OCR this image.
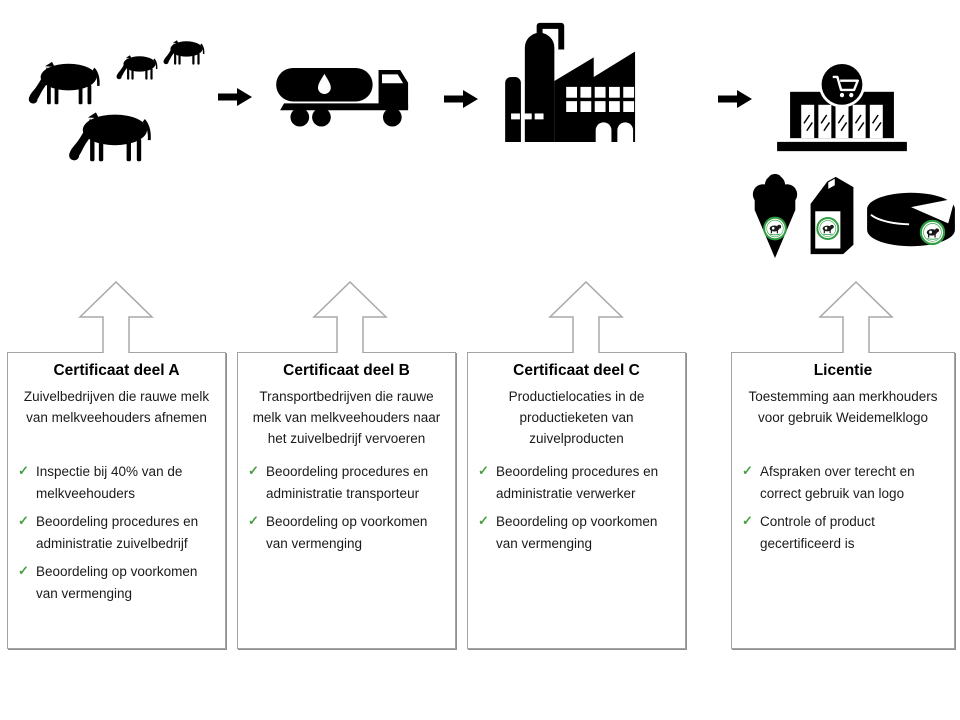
Certificaat deel A
Zuivelbedrijven die rauwe melk van melkveehouders afnemen
✓ Inspectie bij 40% van de melkveehouders
✓ Beoordeling procedures en administratie zuivelbedrijf
✓ Beoordeling op voorkomen van vermenging
Certificaat deel B
Transportbedrijven die rauwe melk van melkveehouders naar het zuivelbedrijf vervoeren
✓ Beoordeling procedures en administratie transporteur
✓ Beoordeling op voorkomen van vermenging
Certificaat deel C
Productielocaties in de productieketen van zuivelproducten
✓ Beoordeling procedures en administratie verwerker
✓ Beoordeling op voorkomen van vermenging
Licentie
Toestemming aan merkhouders voor gebruik Weidemelklogo
✓ Afspraken over terecht en correct gebruik van logo
✓ Controle of product gecertificeerd is
